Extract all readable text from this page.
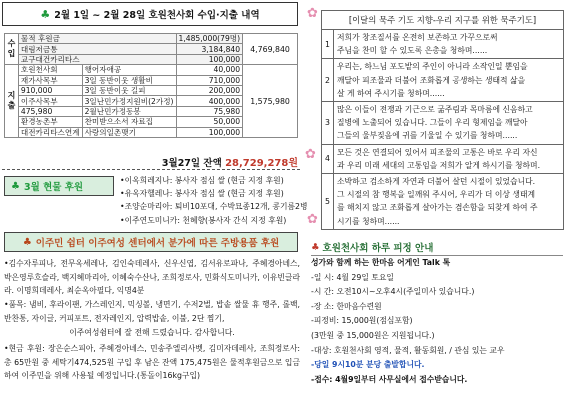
♣ 2월 1일 ~ 2월 28일 호원천사회 수입·지출 내역
수입	물적 후원금		1,485,000(79명)	4,769,840
	대림저금통		3,184,840	
	교구대건카리타스		100,000	
지출	호원천사회	행어자애공	40,000	1,575,980
	재가사목부	3일 동반이웃 생활비	710,000	
	910,000	3일 동반이웃 길피	200,000	
	이주사목부	3일난민가정지원비(2가정)	400,000	
	475,980	2월난민가정동봉	75,980	
	환경농촌부	찬미받으소서 자료집	50,000	
	대전카리타스연계	사랑의일촌맺기	100,000	
3월27일 잔액 28,729,278원
♣ 3월 현물 후원
•이옥희레지나: 봉사자 점심 쌀 (현금 지정 후원)
•유옥자헬레나: 봉사자 점심 쌀 (현금 지정 후원)
•조양순마리아: 퇴비10포대, 수박묘종12개, 콩기름2병
•이주연도미니카: 천혜향(봉사자 간식 지정 후원)
♣ 이주민 쉼터 이주여성 센터에서 분가에 따른 주방용품 후원
•김수자루피나, 전무옥세레나, 김인숙데레사, 신우신엽, 김서유로파나, 주혜경아녜스, 박은영루흐슬라, 백지혜마리아, 이혜숙수산나, 조희정로사, 민화식도미니카, 이유빈글라라. 이명희데레사, 최순옥아필다, 익명4분
•품목: 냄비, 후라이팬, 가스레인지, 믹싱볼, 냉면기, 수저2벌, 밥솥 쌀물 휴 행주, 롤백, 반찬통, 자이글, 커피포트, 전자레인지, 압력밥솥, 이불, 2단 찜기,
이주여성쉼터에 잘 전해 드렸습니다. 감사합니다.
•현금 후원: 장은순스피아, 주혜경아녜스, 민송주엘리사벳, 김미자데레사, 조희정로사: 총 65만원 중 세탁기474,525원 구입 후 남은 잔액 175,475원은 물적후원금으로 입금하여 이주민을 위해 사용될 예정입니다.(통돌이16kg구입)
✿
✿
✿
[이달의 묵주 기도 지향-우리 지구를 위한 묵주기도]	
1	저희가 창조질서를 온전히 보존하고 가꾸으로써
주님을 찬미 할 수 있도록 은총을 청하며......

2	우리는, 하느님 포도밭의 주인이 아니라 소작인일 뿐임을
깨달아 피조물과 더불어 조화롭게 공생하는 생태적 삶을
살 게 하여 주시기를 청하며......

3	많은 이들이 전쟁과 기근으로 굶주림과 목마름에 신음하고
질병에 노출되어 있습니다. 그들이 우리 형제임을 깨달아
그들의 울부짖음에 귀를 기울일 수 있기를 청하며......

4	모든 것은 연결되어 있어서 피조물의 고통은 바로 우리 자신
과 우리 미래 세대의 고통임을 저희가 알게 하시기를 청하며.

5	소박하고 검소하게 자연과 더불어 살던 시절이 있었습니다.
그 시절의 참 행복을 일깨워 주시어, 우리가 더 이상 생태계
를 해치지 않고 조화롭게 살아가는 겸손함을 되찾게 하여 주
시기를 청하며......
♣ 호원천사회 하루 피정 안내
성가와 함께 하는 한마음 어게인 Talk 톡
-일 시: 4월 29일 토요일
-시 간: 오전10시~오후4시(주일미사 있습니다.)
-장 소: 한마음수련원
-피정비: 15,000원(점심포함)
(3만원 중 15,000원은 지원됩니다.)
-대상: 호원천사회 영적, 물적, 활동회원, / 관심 있는 교우
-당일 9시10분 분당 출발합니다.
-접수: 4월9일부터 사무실에서 접수받습니다.
